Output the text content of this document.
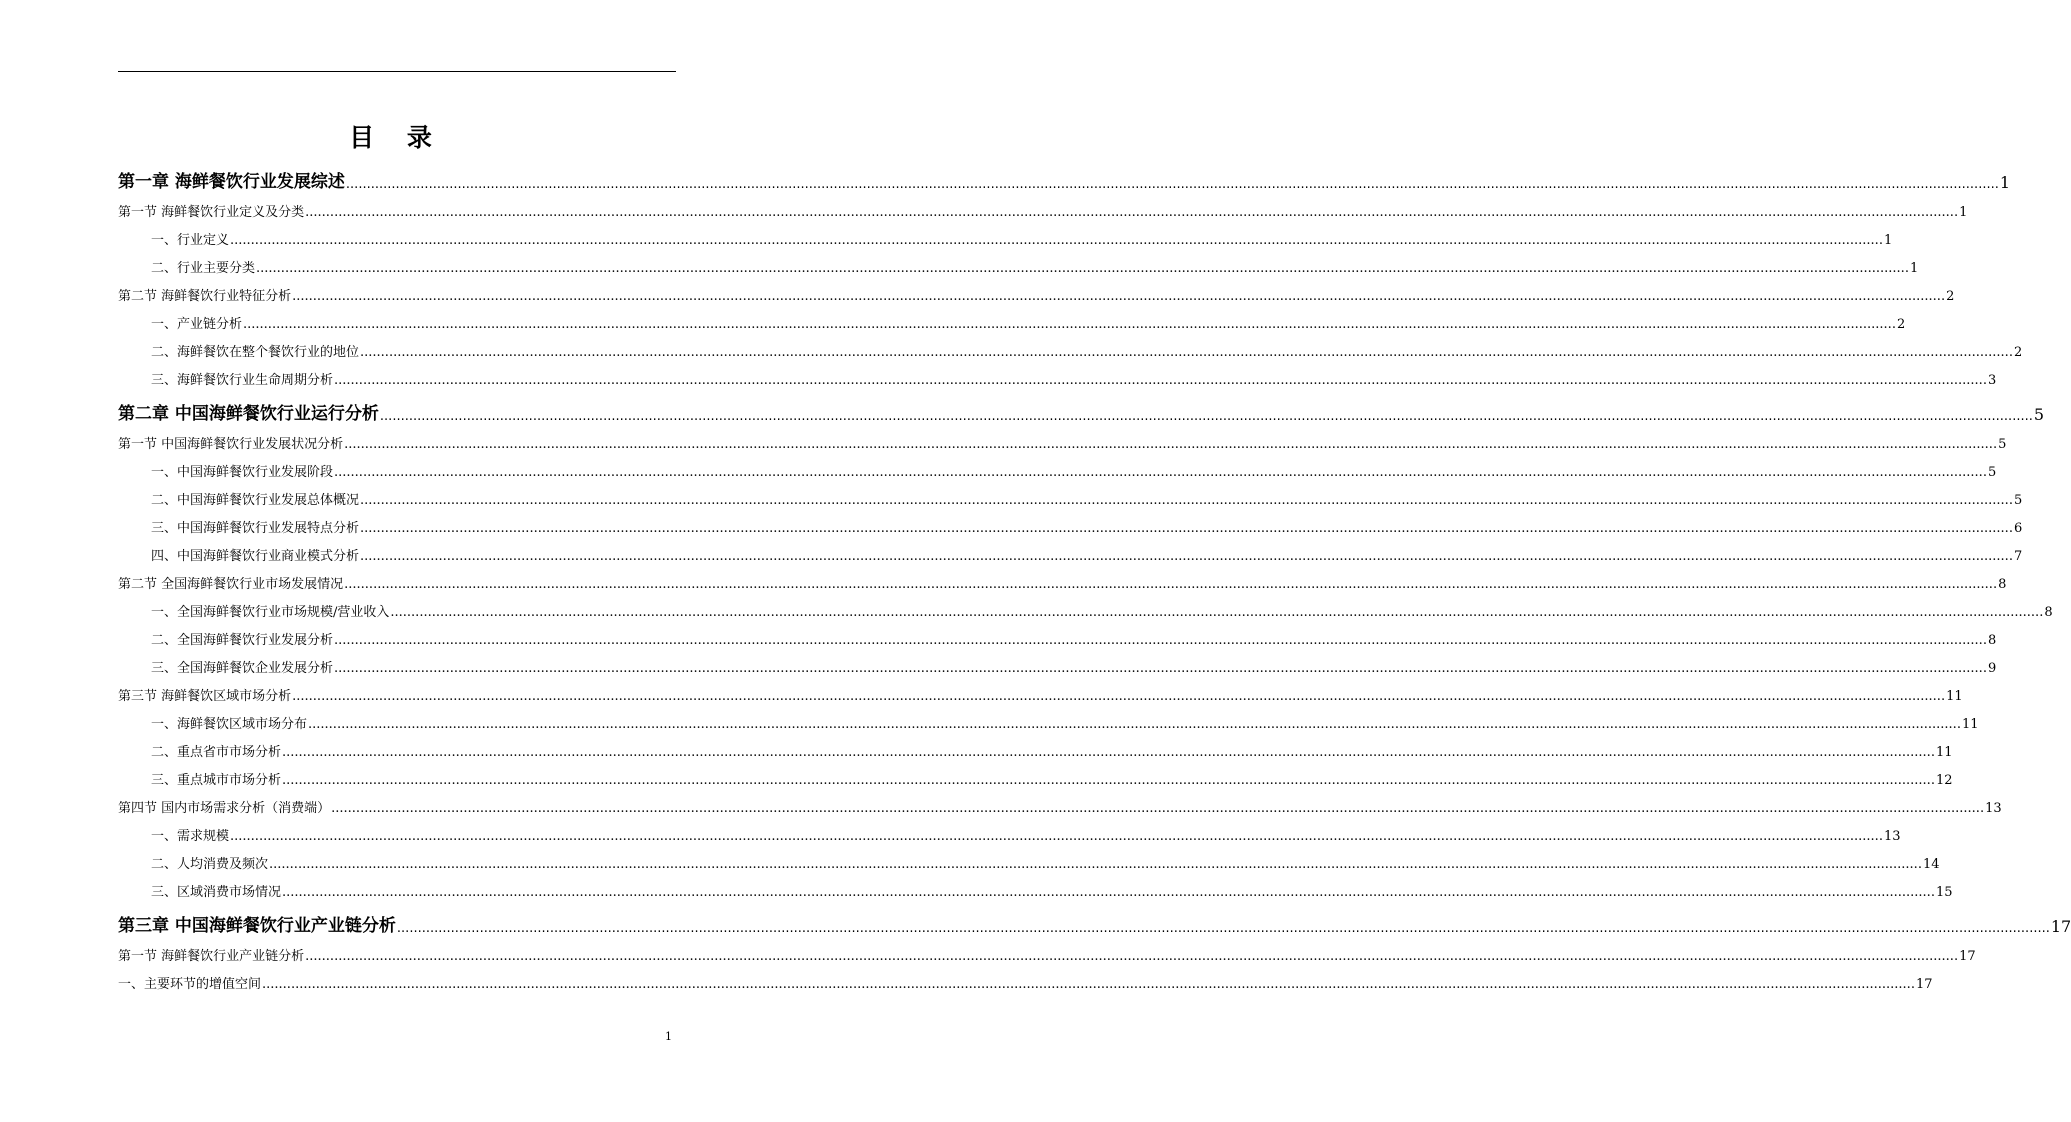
目 录
第一章 海鲜餐饮行业发展综述 ................................................................................................................................................................................................................................................................................................................................................................................................................ 1
第一节 海鲜餐饮行业定义及分类 ................................................................................................................................................................................................................................................................................................................................................................................................................ 1
一、行业定义 ................................................................................................................................................................................................................................................................................................................................................................................................................ 1
二、行业主要分类 ................................................................................................................................................................................................................................................................................................................................................................................................................ 1
第二节 海鲜餐饮行业特征分析 ................................................................................................................................................................................................................................................................................................................................................................................................................ 2
一、产业链分析 ................................................................................................................................................................................................................................................................................................................................................................................................................ 2
二、海鲜餐饮在整个餐饮行业的地位 ................................................................................................................................................................................................................................................................................................................................................................................................................ 2
三、海鲜餐饮行业生命周期分析 ................................................................................................................................................................................................................................................................................................................................................................................................................ 3
第二章 中国海鲜餐饮行业运行分析 ................................................................................................................................................................................................................................................................................................................................................................................................................ 5
第一节 中国海鲜餐饮行业发展状况分析 ................................................................................................................................................................................................................................................................................................................................................................................................................ 5
一、中国海鲜餐饮行业发展阶段 ................................................................................................................................................................................................................................................................................................................................................................................................................ 5
二、中国海鲜餐饮行业发展总体概况 ................................................................................................................................................................................................................................................................................................................................................................................................................ 5
三、中国海鲜餐饮行业发展特点分析 ................................................................................................................................................................................................................................................................................................................................................................................................................ 6
四、中国海鲜餐饮行业商业模式分析 ................................................................................................................................................................................................................................................................................................................................................................................................................ 7
第二节 全国海鲜餐饮行业市场发展情况 ................................................................................................................................................................................................................................................................................................................................................................................................................ 8
一、全国海鲜餐饮行业市场规模/营业收入 ................................................................................................................................................................................................................................................................................................................................................................................................................ 8
二、全国海鲜餐饮行业发展分析 ................................................................................................................................................................................................................................................................................................................................................................................................................ 8
三、全国海鲜餐饮企业发展分析 ................................................................................................................................................................................................................................................................................................................................................................................................................ 9
第三节 海鲜餐饮区域市场分析 ................................................................................................................................................................................................................................................................................................................................................................................................................ 11
一、海鲜餐饮区域市场分布 ................................................................................................................................................................................................................................................................................................................................................................................................................ 11
二、重点省市市场分析 ................................................................................................................................................................................................................................................................................................................................................................................................................ 11
三、重点城市市场分析 ................................................................................................................................................................................................................................................................................................................................................................................................................ 12
第四节 国内市场需求分析（消费端） ................................................................................................................................................................................................................................................................................................................................................................................................................ 13
一、需求规模 ................................................................................................................................................................................................................................................................................................................................................................................................................ 13
二、人均消费及频次 ................................................................................................................................................................................................................................................................................................................................................................................................................ 14
三、区域消费市场情况 ................................................................................................................................................................................................................................................................................................................................................................................................................ 15
第三章 中国海鲜餐饮行业产业链分析 ................................................................................................................................................................................................................................................................................................................................................................................................................ 17
第一节 海鲜餐饮行业产业链分析 ................................................................................................................................................................................................................................................................................................................................................................................................................ 17
一、主要环节的增值空间 ................................................................................................................................................................................................................................................................................................................................................................................................................ 17
1
